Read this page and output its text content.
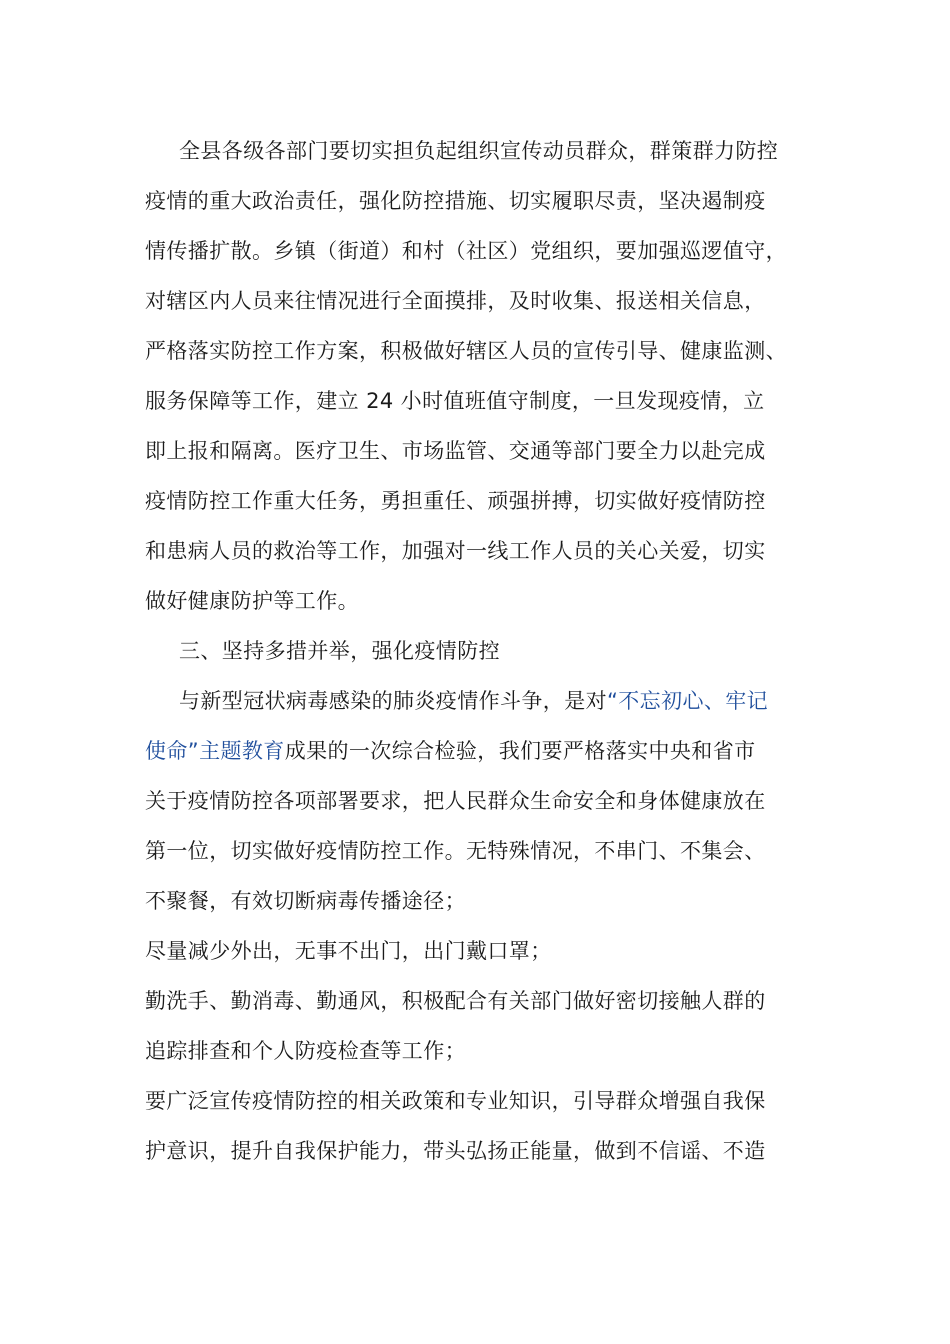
全县各级各部门要切实担负起组织宣传动员群众，群策群力防控
疫情的重大政治责任，强化防控措施、切实履职尽责，坚决遏制疫
情传播扩散。乡镇（街道）和村（社区）党组织，要加强巡逻值守，
对辖区内人员来往情况进行全面摸排，及时收集、报送相关信息，
严格落实防控工作方案，积极做好辖区人员的宣传引导、健康监测、
服务保障等工作，建立 24 小时值班值守制度，一旦发现疫情，立
即上报和隔离。医疗卫生、市场监管、交通等部门要全力以赴完成
疫情防控工作重大任务，勇担重任、顽强拼搏，切实做好疫情防控
和患病人员的救治等工作，加强对一线工作人员的关心关爱，切实
做好健康防护等工作。
三、坚持多措并举，强化疫情防控
与新型冠状病毒感染的肺炎疫情作斗争，是对“不忘初心、牢记
使命”主题教育成果的一次综合检验，我们要严格落实中央和省市
关于疫情防控各项部署要求，把人民群众生命安全和身体健康放在
第一位，切实做好疫情防控工作。无特殊情况，不串门、不集会、
不聚餐，有效切断病毒传播途径；
尽量减少外出，无事不出门，出门戴口罩；
勤洗手、勤消毒、勤通风，积极配合有关部门做好密切接触人群的
追踪排查和个人防疫检查等工作；
要广泛宣传疫情防控的相关政策和专业知识，引导群众增强自我保
护意识，提升自我保护能力，带头弘扬正能量，做到不信谣、不造
